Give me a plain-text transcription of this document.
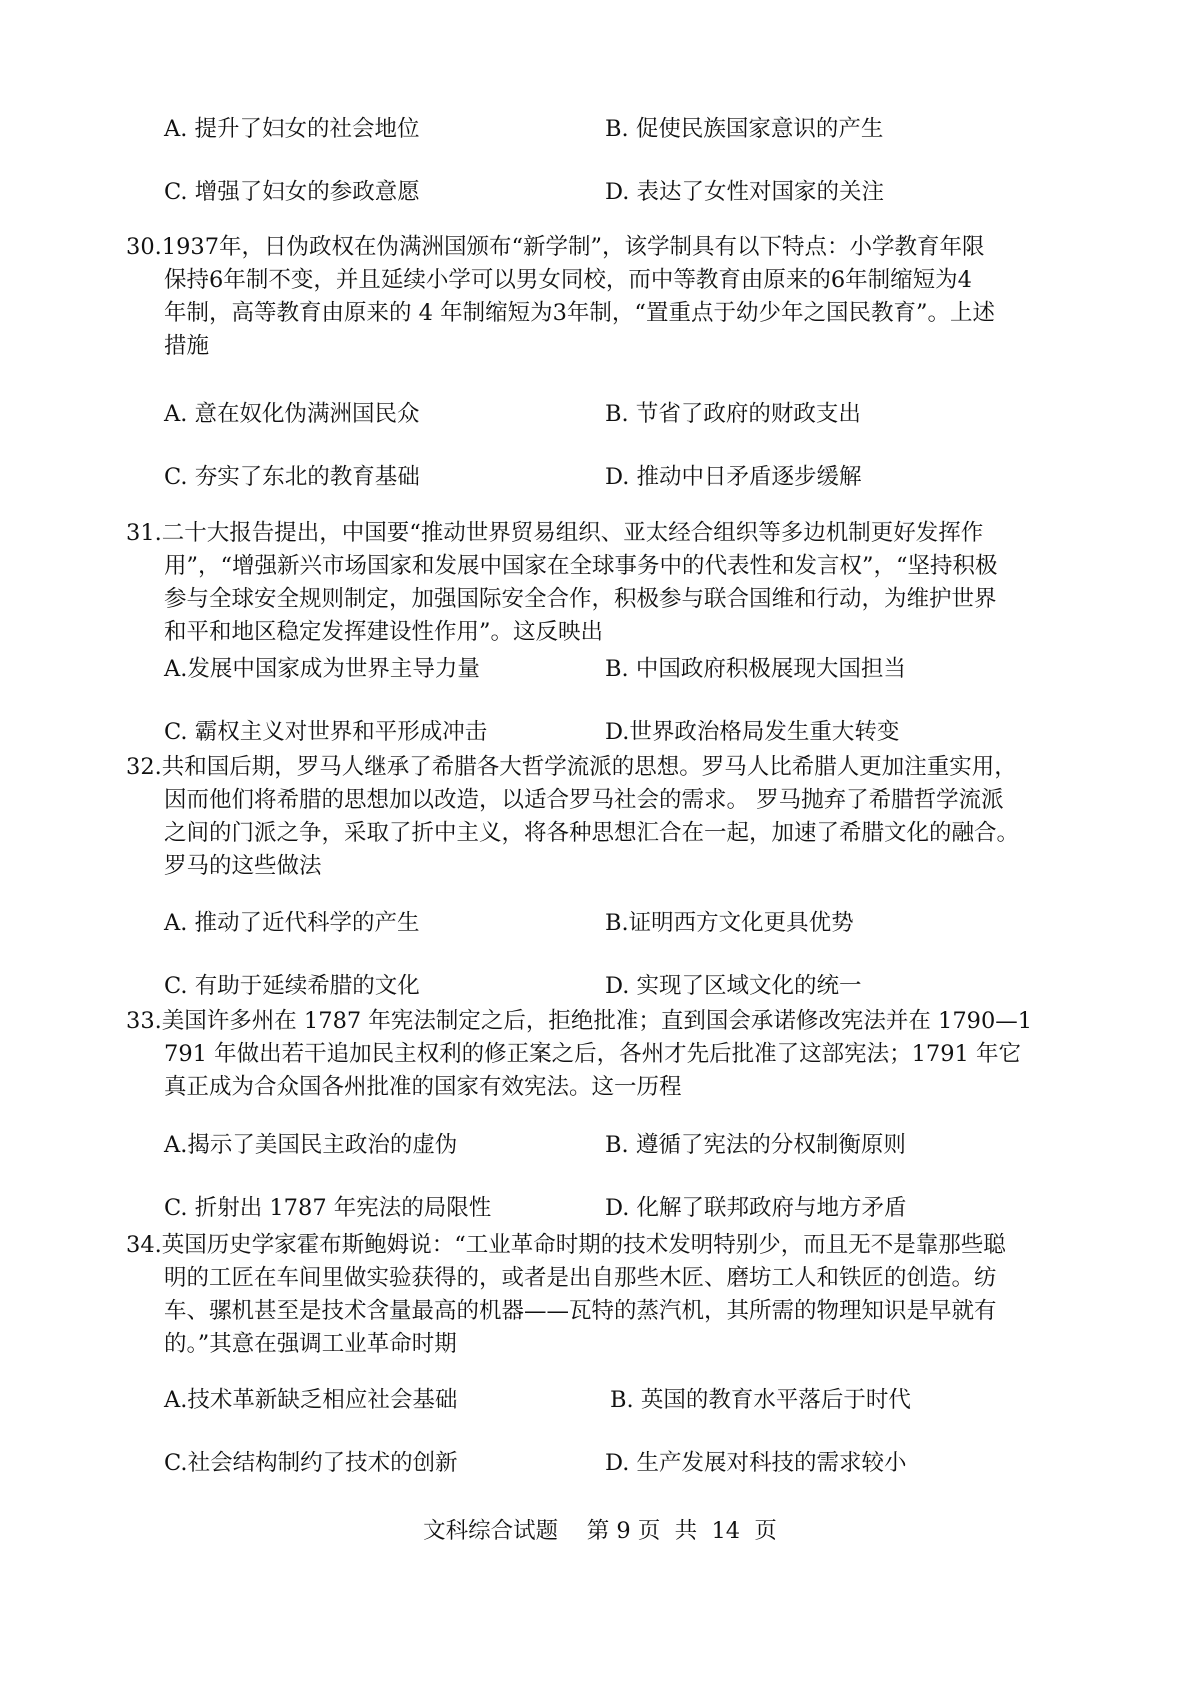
A. 提升了妇女的社会地位	B. 促使民族国家意识的产生
C. 增强了妇女的参政意愿	D. 表达了女性对国家的关注
30.1937年，日伪政权在伪满洲国颁布“新学制”，该学制具有以下特点：小学教育年限
保持6年制不变，并且延续小学可以男女同校，而中等教育由原来的6年制缩短为4
年制，高等教育由原来的 4 年制缩短为3年制，“置重点于幼少年之国民教育”。上述
措施
A. 意在奴化伪满洲国民众	B. 节省了政府的财政支出
C. 夯实了东北的教育基础	D. 推动中日矛盾逐步缓解
31.二十大报告提出，中国要“推动世界贸易组织、亚太经合组织等多边机制更好发挥作
用”，“增强新兴市场国家和发展中国家在全球事务中的代表性和发言权”，“坚持积极
参与全球安全规则制定，加强国际安全合作，积极参与联合国维和行动，为维护世界
和平和地区稳定发挥建设性作用”。这反映出
A.发展中国家成为世界主导力量	B. 中国政府积极展现大国担当
C. 霸权主义对世界和平形成冲击	D.世界政治格局发生重大转变
32.共和国后期，罗马人继承了希腊各大哲学流派的思想。罗马人比希腊人更加注重实用，
因而他们将希腊的思想加以改造，以适合罗马社会的需求。 罗马抛弃了希腊哲学流派
之间的门派之争，采取了折中主义，将各种思想汇合在一起，加速了希腊文化的融合。
罗马的这些做法
A. 推动了近代科学的产生	B.证明西方文化更具优势
C. 有助于延续希腊的文化	D. 实现了区域文化的统一
33.美国许多州在 1787 年宪法制定之后，拒绝批准；直到国会承诺修改宪法并在 1790—1
791 年做出若干追加民主权利的修正案之后，各州才先后批准了这部宪法；1791 年它
真正成为合众国各州批准的国家有效宪法。这一历程
A.揭示了美国民主政治的虚伪	B. 遵循了宪法的分权制衡原则
C. 折射出 1787 年宪法的局限性	D. 化解了联邦政府与地方矛盾
34.英国历史学家霍布斯鲍姆说：“工业革命时期的技术发明特别少，而且无不是靠那些聪
明的工匠在车间里做实验获得的，或者是出自那些木匠、磨坊工人和铁匠的创造。纺
车、骡机甚至是技术含量最高的机器——瓦特的蒸汽机，其所需的物理知识是早就有
的。”其意在强调工业革命时期
A.技术革新缺乏相应社会基础	B. 英国的教育水平落后于时代
C.社会结构制约了技术的创新	D. 生产发展对科技的需求较小
文科综合试题    第 9 页  共  14  页
